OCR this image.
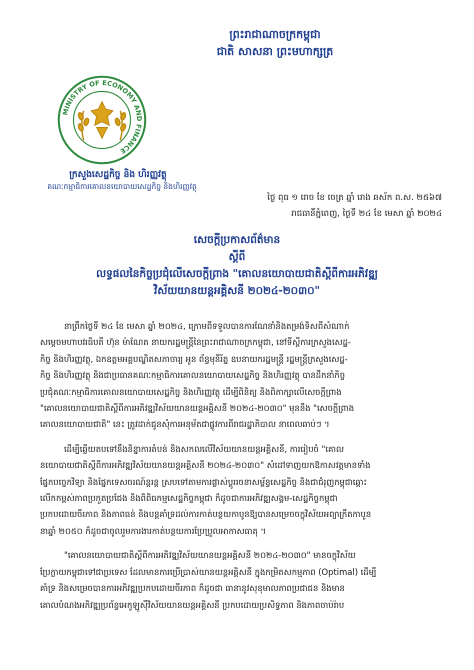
ព្រះរាជាណាចក្រកម្ពុជា
ជាតិ សាសនា ព្រះមហាក្សត្រ
MINISTRY OF ECONOMY AND FINANCE
ក្រសួងសេដ្ឋកិច្ច និង ហិរញ្ញវត្ថុ
គណៈកម្មាធិការគោលនយោបាយសេដ្ឋកិច្ច និងហិរញ្ញវត្ថុ
ថ្ងៃ ពុធ ១ រោច ខែ ចេត្រ ឆ្នាំ រោង ឆស័ក ព.ស. ២៥៦៧
រាជធានីភ្នំពេញ, ថ្ងៃទី ២៤ ខែ មេសា ឆ្នាំ ២០២៤
សេចក្តីប្រកាសព័ត៌មាន
ស្តីពី
លទ្ធផលនៃកិច្ចប្រជុំលើសេចក្តីព្រាង "គោលនយោបាយជាតិស្តីពីការអភិវឌ្ឍ
វិស័យយានយន្តអគ្គិសនី ២០២៤-២០៣០"
នាព្រឹកថ្ងៃទី ២៤ ខែ មេសា ឆ្នាំ ២០២៤, ក្រោមពីទទួលបានការណែនាំនិងតម្រង់ទិសពីសំណាក់
សម្តេចមហាបវរធិបតី ហ៊ុន ម៉ាណែត នាយករដ្ឋមន្ត្រីនៃព្រះរាជាណាចក្រកម្ពុជា, នៅទីស្តីការក្រសួងសេដ្ឋ-
កិច្ច និងហិរញ្ញវត្ថុ, ឯកឧត្តមអគ្គបណ្ឌិតសភាចារ្យ អូន ព័ន្ធមុនីរ័ត្ន ឧបនាយករដ្ឋមន្ត្រី រដ្ឋមន្ត្រីក្រសួងសេដ្ឋ-
កិច្ច និងហិរញ្ញវត្ថុ និងជាប្រធានគណៈកម្មាធិការគោលនយោបាយសេដ្ឋកិច្ច និងហិរញ្ញវត្ថុ បានដឹកនាំកិច្ច
ប្រជុំគណៈកម្មាធិការគោលនយោបាយសេដ្ឋកិច្ច និងហិរញ្ញវត្ថុ ដើម្បីពិនិត្យ និងពិភាក្សាលើសេចក្តីព្រាង
"គោលនយោបាយជាតិស្តីពីការអភិវឌ្ឍវិស័យយានយន្តអគ្គិសនី ២០២៤-២០៣០" មុននឹង "សេចក្តីព្រាង
គោលនយោបាយជាតិ" នេះ ត្រូវដាក់ជូនសុំការអនុម័តជាផ្លូវការពីរាជរដ្ឋាភិបាល នាពេលឆាប់ៗ ។
ដើម្បីឆ្លើយតបទៅនឹងនិន្នាការតំបន់ និងសកលលើវិស័យយានយន្តអគ្គិសនី, ការរៀបចំ "គោល
នយោបាយជាតិស្តីពីការអភិវឌ្ឍវិស័យយានយន្តអគ្គិសនី ២០២៤-២០៣០" សំដៅទាញយកឱកាសវត្តមានទាំង
ផ្នែកបច្ចេកវិទ្យា និងផ្នែកទេសចរណ៍ន្តរន្ត ស្របទៅតាមការផ្លាស់ប្តូររចនាសម្ព័ន្ធសេដ្ឋកិច្ច និងជាជំរុញកម្ពុជាឆ្ពោះ
លើកកម្ពស់ភាពប្រកួតប្រជែង និងពិពិធកម្មសេដ្ឋកិច្ចកម្ពុជា ក៏ដូចជាការអភិវឌ្ឍសង្គម-សេដ្ឋកិច្ចកម្ពុជា
ប្រកបដោយចីរភាព និងភាពធន់ និងបន្តគាំទ្រដល់ការកាត់បន្ថយកាបូនឱ្យបានសម្រេចចក្ខុវិស័យអព្យាក្រឹតកាបូន
នាឆ្នាំ ២០៥០ ក៏ដូចជាចូលរួមការងារកាត់បន្ថយការប្រែប្រួលអាកាសធាតុ ។
"គោលនយោបាយជាតិស្តីពីការអភិវឌ្ឍវិស័យយានយន្តអគ្គិសនី ២០២៤-២០៣០" មានចក្ខុវិស័យ
ប្រែក្លាយកម្ពុជាទៅជាប្រទេស ដែលមានការប្រើប្រាស់យានយន្តអគ្គិសនី ក្នុងកម្រិតសកម្មភាព (Optimal) ដើម្បី
គាំទ្រ និងសម្រេចបានការអភិវឌ្ឍប្រកបដោយចីរភាព ក៏ដូចជា ធានានូវសុខុមាលភាពប្រជាជន និងមាន
គោលបំណងអភិវឌ្ឍប្រព័ន្ធអេកូឡូស៊ីវិស័យយានយន្តអគ្គិសនី ប្រកបដោយប្រសិទ្ធភាព និងភាពចាប់រ៉ាប
